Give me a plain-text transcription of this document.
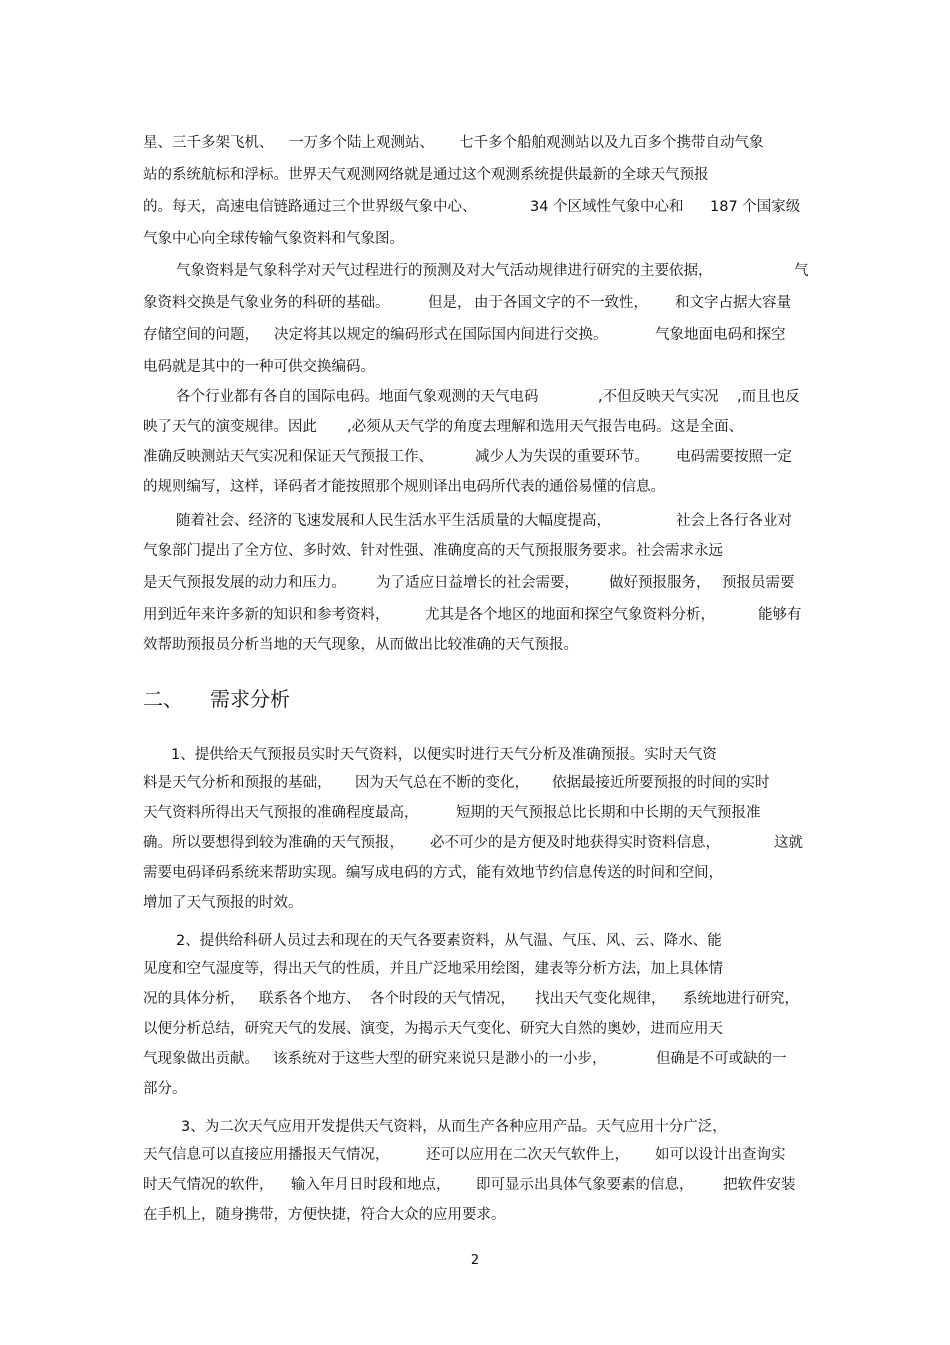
星、三千多架飞机、 一万多个陆上观测站、 七千多个船舶观测站以及九百多个携带自动气象
站的系统航标和浮标。世界天气观测网络就是通过这个观测系统提供最新的全球天气预报
的。每天，高速电信链路通过三个世界级气象中心、	34 个区域性气象中心和 187 个国家级
气象中心向全球传输气象资料和气象图。
气象资料是气象科学对天气过程进行的预测及对大气活动规律进行研究的主要依据，	气
象资料交换是气象业务的科研的基础。	但是， 由于各国文字的不一致性， 和文字占据大容量
存储空间的问题， 决定将其以规定的编码形式在国际国内间进行交换。	气象地面电码和探空
电码就是其中的一种可供交换编码。
各个行业都有各自的国际电码。地面气象观测的天气电码	,不但反映天气实况 ,而且也反
映了天气的演变规律。因此 ,必须从天气学的角度去理解和选用天气报告电码。这是全面、
准确反映测站天气实况和保证天气预报工作、	减少人为失误的重要环节。 电码需要按照一定
的规则编写，这样，译码者才能按照那个规则译出电码所代表的通俗易懂的信息。
随着社会、经济的飞速发展和人民生活水平生活质量的大幅度提高，	社会上各行各业对
气象部门提出了全方位、多时效、针对性强、准确度高的天气预报服务要求。社会需求永远
是天气预报发展的动力和压力。 为了适应日益增长的社会需要， 做好预报服务， 预报员需要
用到近年来许多新的知识和参考资料， 尤其是各个地区的地面和探空气象资料分析，	能够有
效帮助预报员分析当地的天气现象，从而做出比较准确的天气预报。

二、

需求分析

1、提供给天气预报员实时天气资料，以便实时进行天气分析及准确预报。实时天气资
料是天气分析和预报的基础， 因为天气总在不断的变化， 依据最接近所要预报的时间的实时
天气资料所得出天气预报的准确程度最高，	短期的天气预报总比长期和中长期的天气预报准
确。所以要想得到较为准确的天气预报， 必不可少的是方便及时地获得实时资料信息，	这就
需要电码译码系统来帮助实现。编写成电码的方式，能有效地节约信息传送的时间和空间，
增加了天气预报的时效。
2、提供给科研人员过去和现在的天气各要素资料，从气温、气压、风、云、降水、能
见度和空气湿度等，得出天气的性质，并且广泛地采用绘图，建表等分析方法，加上具体情
况的具体分析， 联系各个地方、 各个时段的天气情况， 找出天气变化规律， 系统地进行研究，
以便分析总结，研究天气的发展、演变，为揭示天气变化、研究大自然的奥妙，进而应用天
气现象做出贡献。 该系统对于这些大型的研究来说只是渺小的一小步，	但确是不可或缺的一
部分。
3、为二次天气应用开发提供天气资料，从而生产各种应用产品。天气应用十分广泛，
天气信息可以直接应用播报天气情况，	还可以应用在二次天气软件上， 如可以设计出查询实
时天气情况的软件， 输入年月日时段和地点， 即可显示出具体气象要素的信息， 把软件安装
在手机上，随身携带，方便快捷，符合大众的应用要求。
2
